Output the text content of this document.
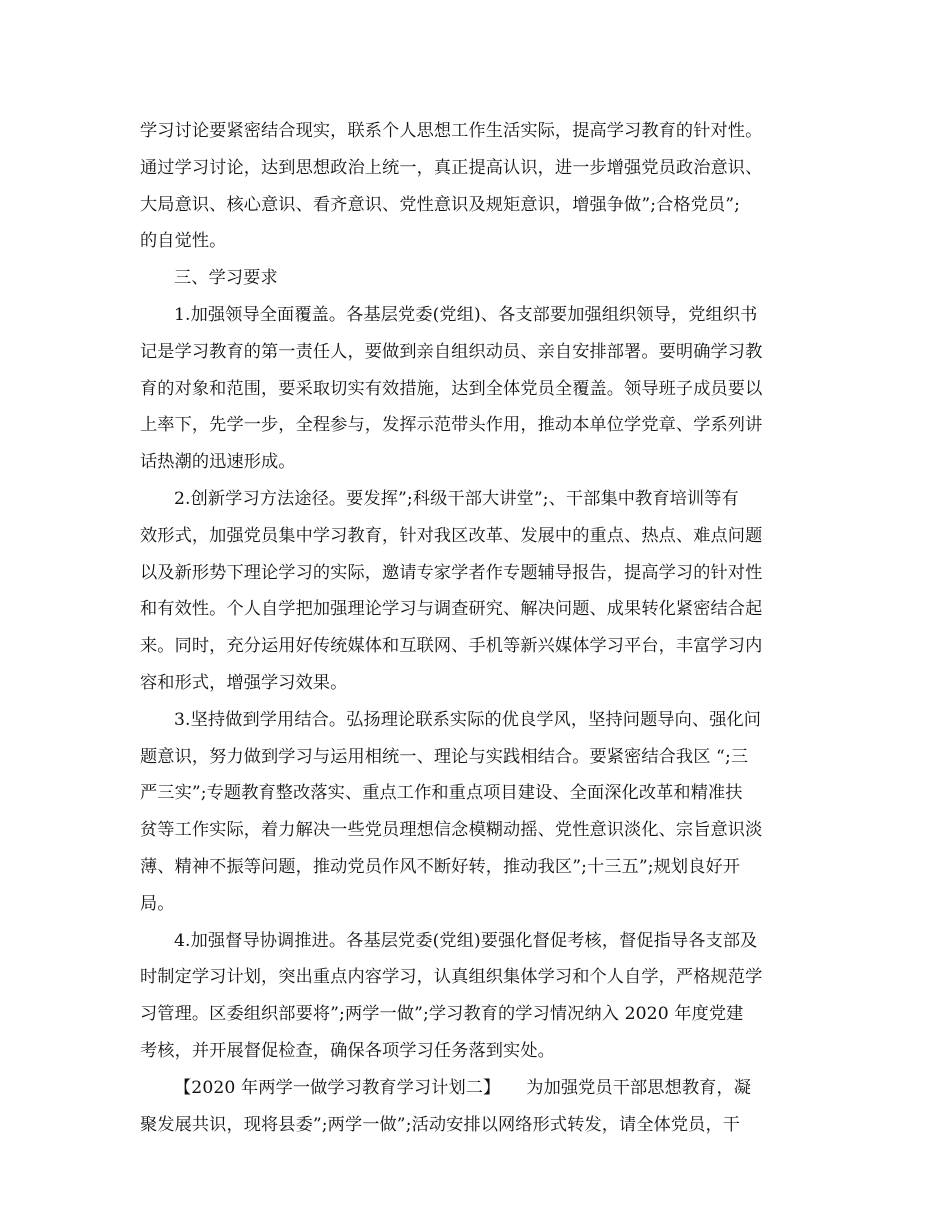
学习讨论要紧密结合现实，联系个人思想工作生活实际，提高学习教育的针对性。
通过学习讨论，达到思想政治上统一，真正提高认识，进一步增强党员政治意识、
大局意识、核心意识、看齐意识、党性意识及规矩意识，增强争做”;合格党员”;
的自觉性。
三、学习要求
1.加强领导全面覆盖。各基层党委(党组)、各支部要加强组织领导，党组织书
记是学习教育的第一责任人，要做到亲自组织动员、亲自安排部署。要明确学习教
育的对象和范围，要采取切实有效措施，达到全体党员全覆盖。领导班子成员要以
上率下，先学一步，全程参与，发挥示范带头作用，推动本单位学党章、学系列讲
话热潮的迅速形成。
2.创新学习方法途径。要发挥”;科级干部大讲堂”;、干部集中教育培训等有
效形式，加强党员集中学习教育，针对我区改革、发展中的重点、热点、难点问题
以及新形势下理论学习的实际，邀请专家学者作专题辅导报告，提高学习的针对性
和有效性。个人自学把加强理论学习与调查研究、解决问题、成果转化紧密结合起
来。同时，充分运用好传统媒体和互联网、手机等新兴媒体学习平台，丰富学习内
容和形式，增强学习效果。
3.坚持做到学用结合。弘扬理论联系实际的优良学风，坚持问题导向、强化问
题意识，努力做到学习与运用相统一、理论与实践相结合。要紧密结合我区 “;三
严三实”;专题教育整改落实、重点工作和重点项目建设、全面深化改革和精准扶
贫等工作实际，着力解决一些党员理想信念模糊动摇、党性意识淡化、宗旨意识淡
薄、精神不振等问题，推动党员作风不断好转，推动我区”;十三五”;规划良好开
局。
4.加强督导协调推进。各基层党委(党组)要强化督促考核，督促指导各支部及
时制定学习计划，突出重点内容学习，认真组织集体学习和个人自学，严格规范学
习管理。区委组织部要将”;两学一做”;学习教育的学习情况纳入 2020 年度党建
考核，并开展督促检查，确保各项学习任务落到实处。
【2020 年两学一做学习教育学习计划二】　　为加强党员干部思想教育，凝
聚发展共识，现将县委”;两学一做”;活动安排以网络形式转发，请全体党员，干
